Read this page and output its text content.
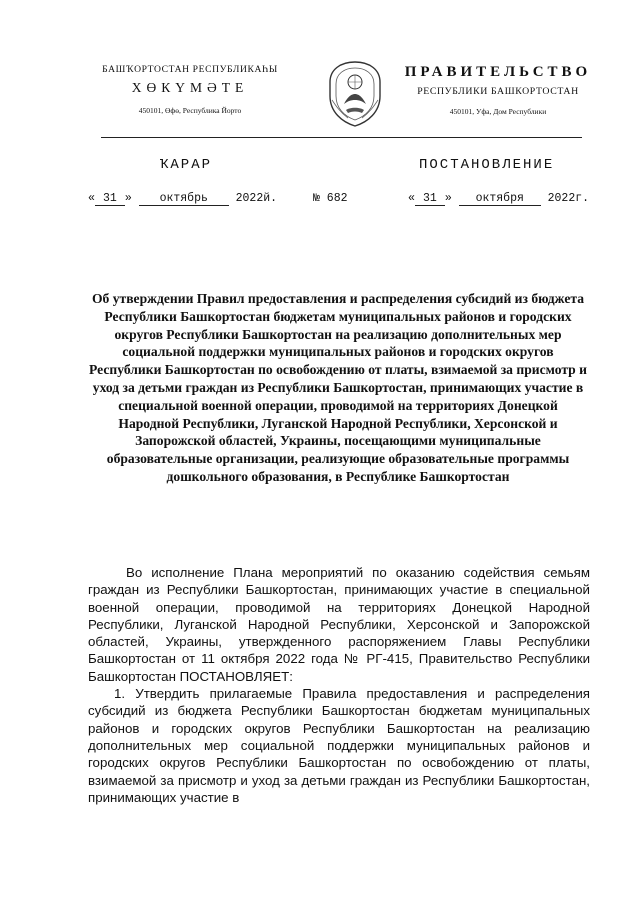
БАШҠОРТОСТАН РЕСПУБЛИКАҺЫ
ХӨКҮМӘТЕ
450101, Өфө, Республика Йорто
ПРАВИТЕЛЬСТВО
РЕСПУБЛИКИ БАШКОРТОСТАН
450101, Уфа, Дом Республики
ҠАРАР	ПОСТАНОВЛЕНИЕ
« 31 » октябрь 2022й.	№ 682	« 31 » октября 2022г.
Об утверждении Правил предоставления и распределения субсидий из бюджета Республики Башкортостан бюджетам муниципальных районов и городских округов Республики Башкортостан на реализацию дополнительных мер социальной поддержки муниципальных районов и городских округов Республики Башкортостан по освобождению от платы, взимаемой за присмотр и уход за детьми граждан из Республики Башкортостан, принимающих участие в специальной военной операции, проводимой на территориях Донецкой Народной Республики, Луганской Народной Республики, Херсонской и Запорожской областей, Украины, посещающими муниципальные образовательные организации, реализующие образовательные программы дошкольного образования, в Республике Башкортостан

Во исполнение Плана мероприятий по оказанию содействия семьям граждан из Республики Башкортостан, принимающих участие в специальной военной операции, проводимой на территориях Донецкой Народной Республики, Луганской Народной Республики, Херсонской и Запорожской областей, Украины, утвержденного распоряжением Главы Республики Башкортостан от 11 октября 2022 года № РГ-415, Правительство Республики Башкортостан ПОСТАНОВЛЯЕТ:

1. Утвердить прилагаемые Правила предоставления и распределения субсидий из бюджета Республики Башкортостан бюджетам муниципальных районов и городских округов Республики Башкортостан на реализацию дополнительных мер социальной поддержки муниципальных районов и городских округов Республики Башкортостан по освобождению от платы, взимаемой за присмотр и уход за детьми граждан из Республики Башкортостан, принимающих участие в
